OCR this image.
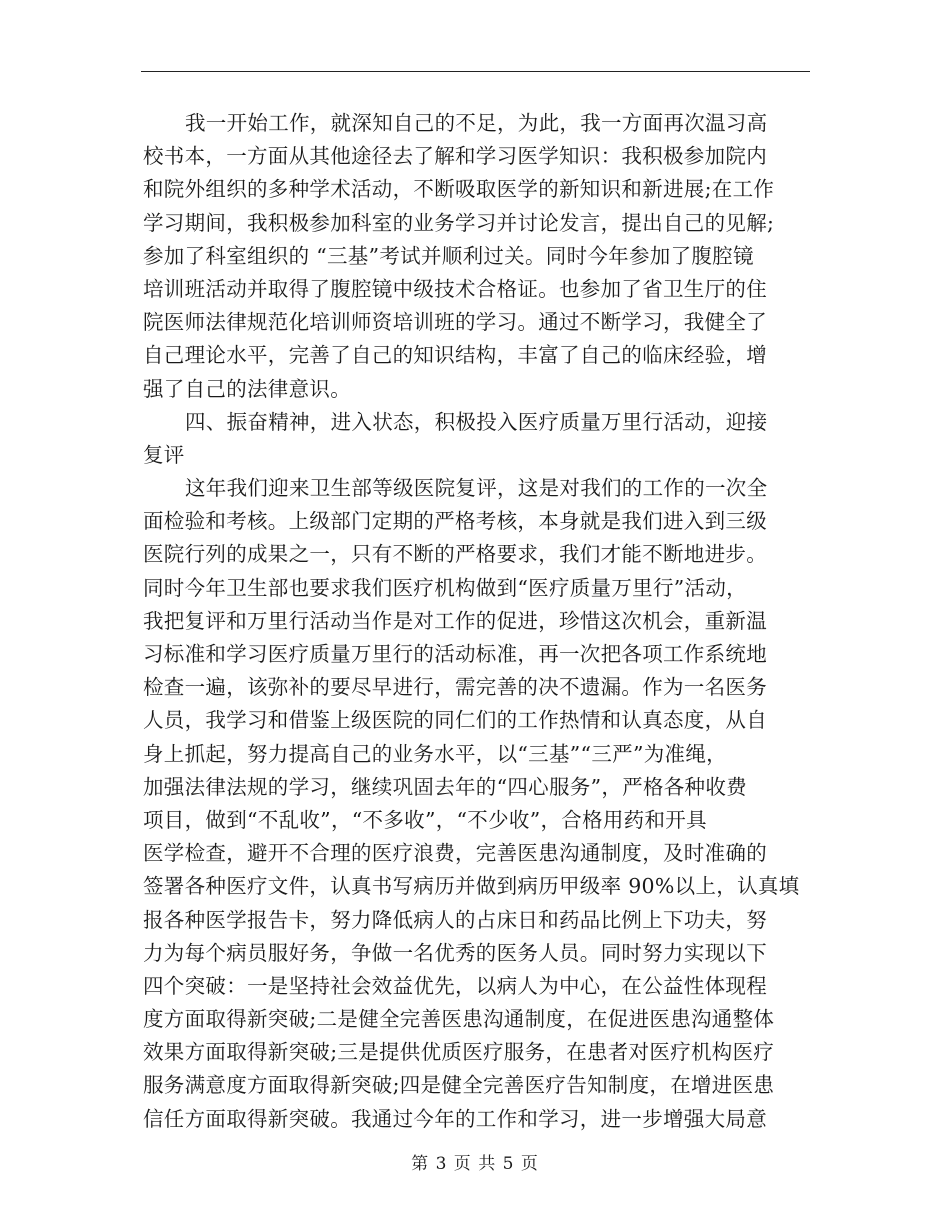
我一开始工作，就深知自己的不足，为此，我一方面再次温习高
校书本，一方面从其他途径去了解和学习医学知识：我积极参加院内
和院外组织的多种学术活动，不断吸取医学的新知识和新进展;在工作
学习期间，我积极参加科室的业务学习并讨论发言，提出自己的见解;
参加了科室组织的 “三基”考试并顺利过关。同时今年参加了腹腔镜
培训班活动并取得了腹腔镜中级技术合格证。也参加了省卫生厅的住
院医师法律规范化培训师资培训班的学习。通过不断学习，我健全了
自己理论水平，完善了自己的知识结构，丰富了自己的临床经验，增
强了自己的法律意识。
四、振奋精神，进入状态，积极投入医疗质量万里行活动，迎接
复评
这年我们迎来卫生部等级医院复评，这是对我们的工作的一次全
面检验和考核。上级部门定期的严格考核，本身就是我们进入到三级
医院行列的成果之一，只有不断的严格要求，我们才能不断地进步。
同时今年卫生部也要求我们医疗机构做到“医疗质量万里行”活动，
我把复评和万里行活动当作是对工作的促进，珍惜这次机会，重新温
习标准和学习医疗质量万里行的活动标准，再一次把各项工作系统地
检查一遍，该弥补的要尽早进行，需完善的决不遗漏。作为一名医务
人员，我学习和借鉴上级医院的同仁们的工作热情和认真态度，从自
身上抓起，努力提高自己的业务水平，以“三基”“三严”为准绳，
加强法律法规的学习，继续巩固去年的“四心服务”，严格各种收费
项目，做到“不乱收”，“不多收”，“不少收”，合格用药和开具
医学检查，避开不合理的医疗浪费，完善医患沟通制度，及时准确的
签署各种医疗文件，认真书写病历并做到病历甲级率 90%以上，认真填
报各种医学报告卡，努力降低病人的占床日和药品比例上下功夫，努
力为每个病员服好务，争做一名优秀的医务人员。同时努力实现以下
四个突破：一是坚持社会效益优先，以病人为中心，在公益性体现程
度方面取得新突破;二是健全完善医患沟通制度，在促进医患沟通整体
效果方面取得新突破;三是提供优质医疗服务，在患者对医疗机构医疗
服务满意度方面取得新突破;四是健全完善医疗告知制度，在增进医患
信任方面取得新突破。我通过今年的工作和学习，进一步增强大局意
第 3 页 共 5 页
